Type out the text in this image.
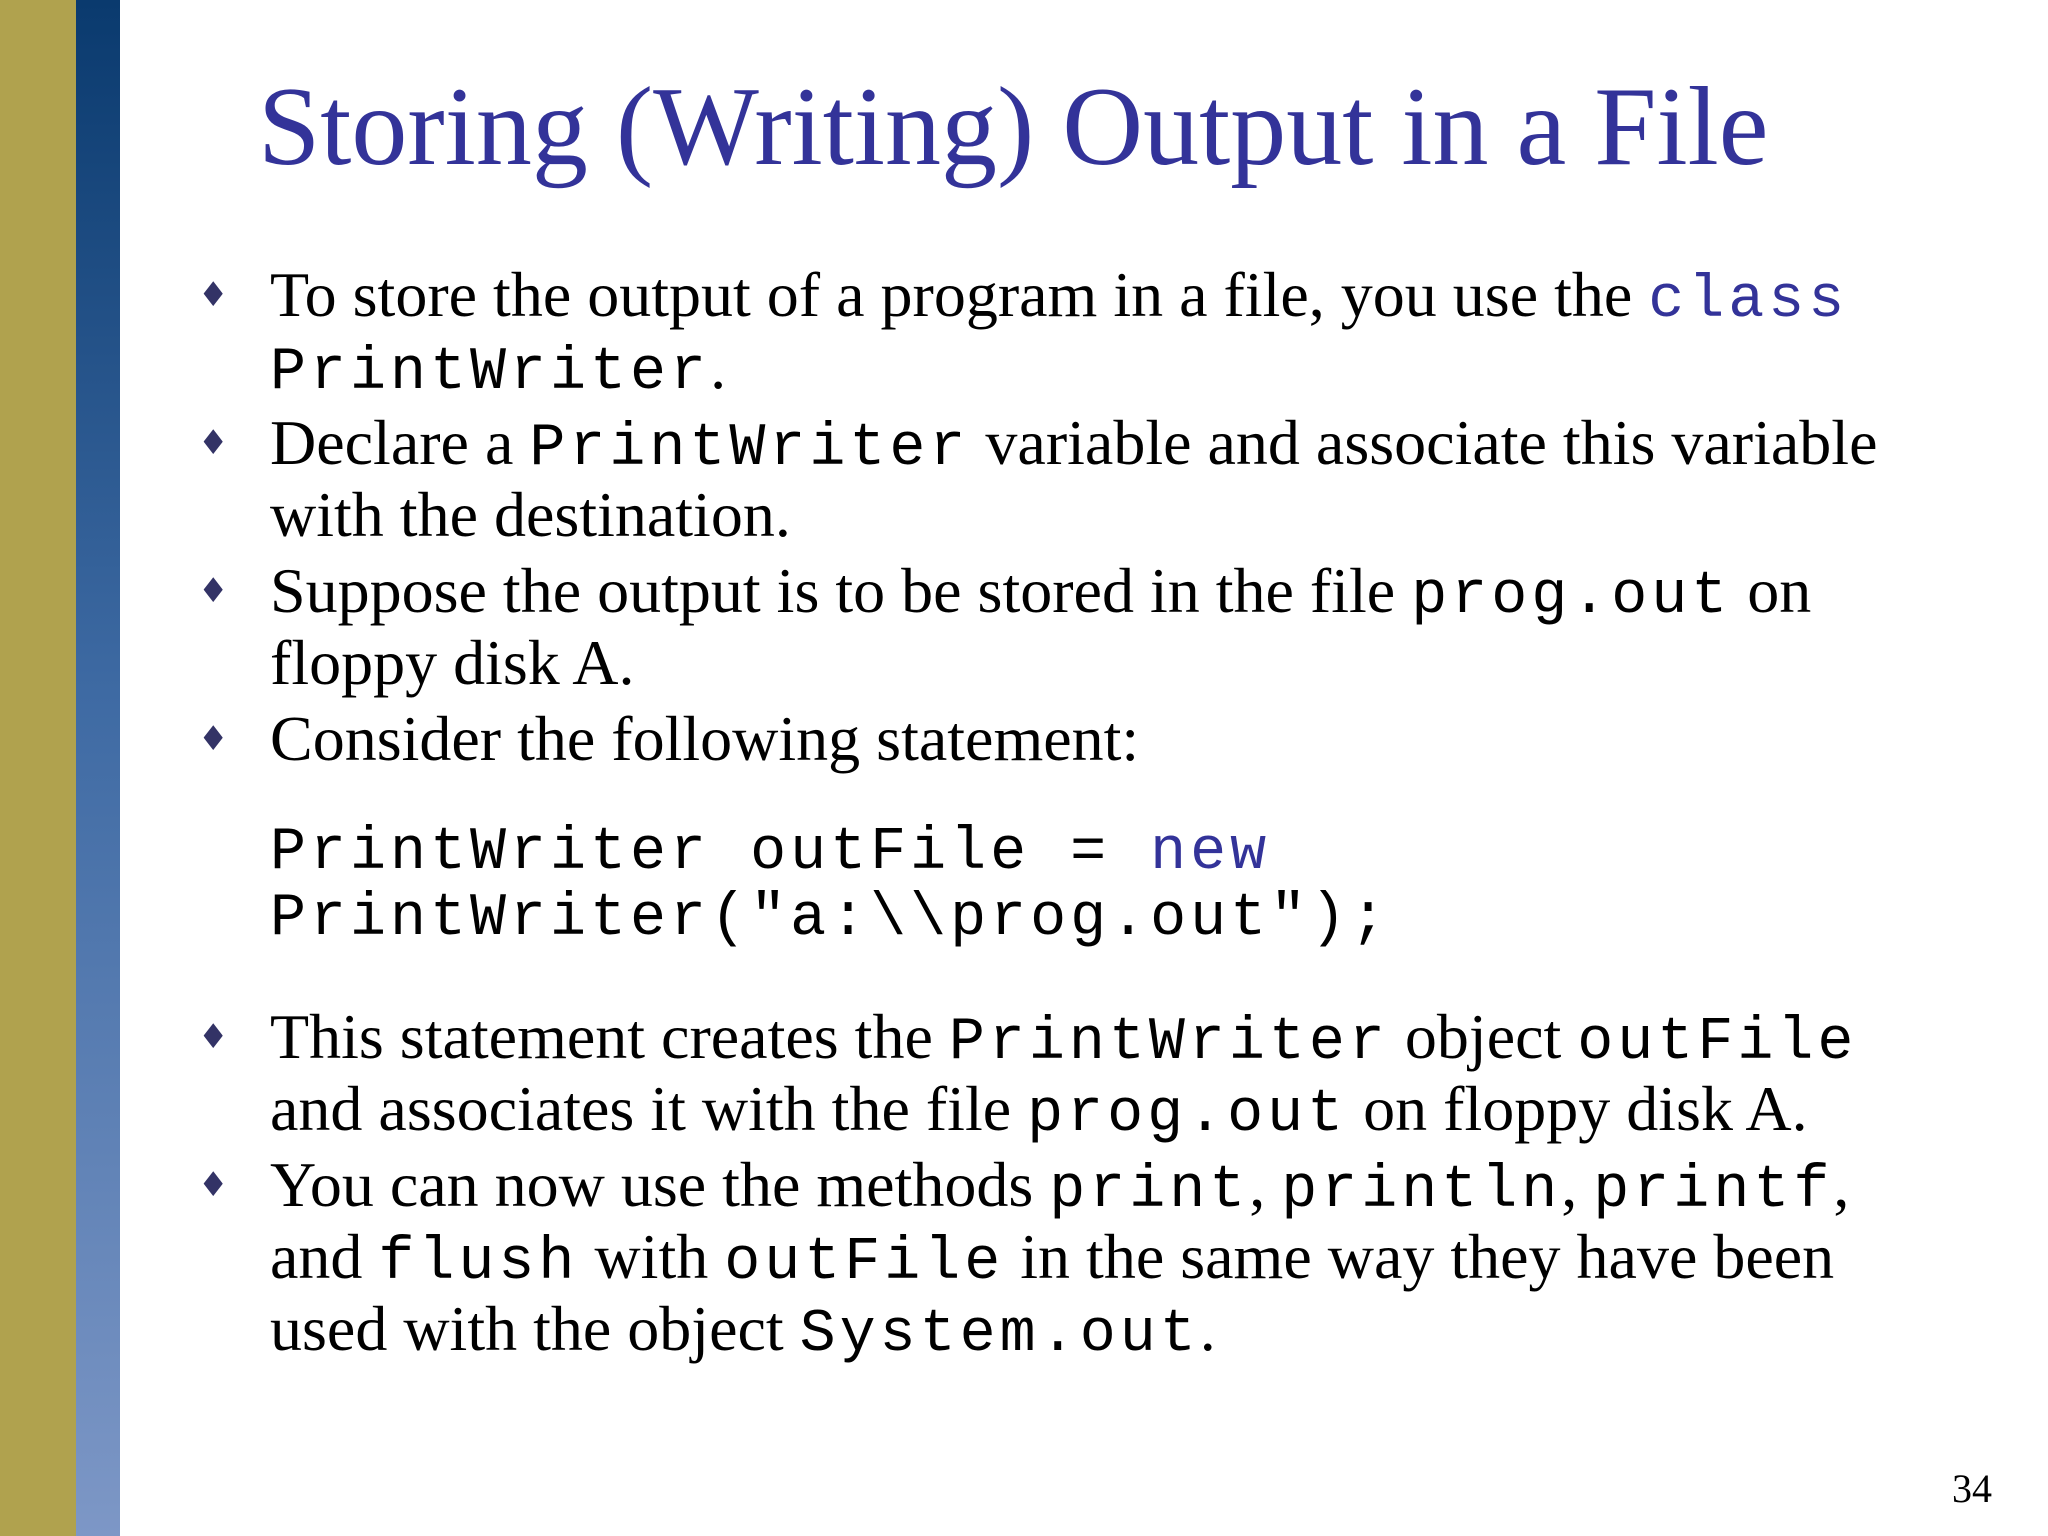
Storing (Writing) Output in a File
♦ To store the output of a program in a file, you use the class
PrintWriter.
♦ Declare a PrintWriter variable and associate this variable
with the destination.
♦ Suppose the output is to be stored in the file prog.out on
floppy disk A.
♦ Consider the following statement:
♦ This statement creates the PrintWriter object outFile
and associates it with the file prog.out on floppy disk A.
♦ You can now use the methods print, println, printf,
and flush with outFile in the same way they have been
used with the object System.out.
PrintWriter outFile = new
PrintWriter("a:\\prog.out");
34
